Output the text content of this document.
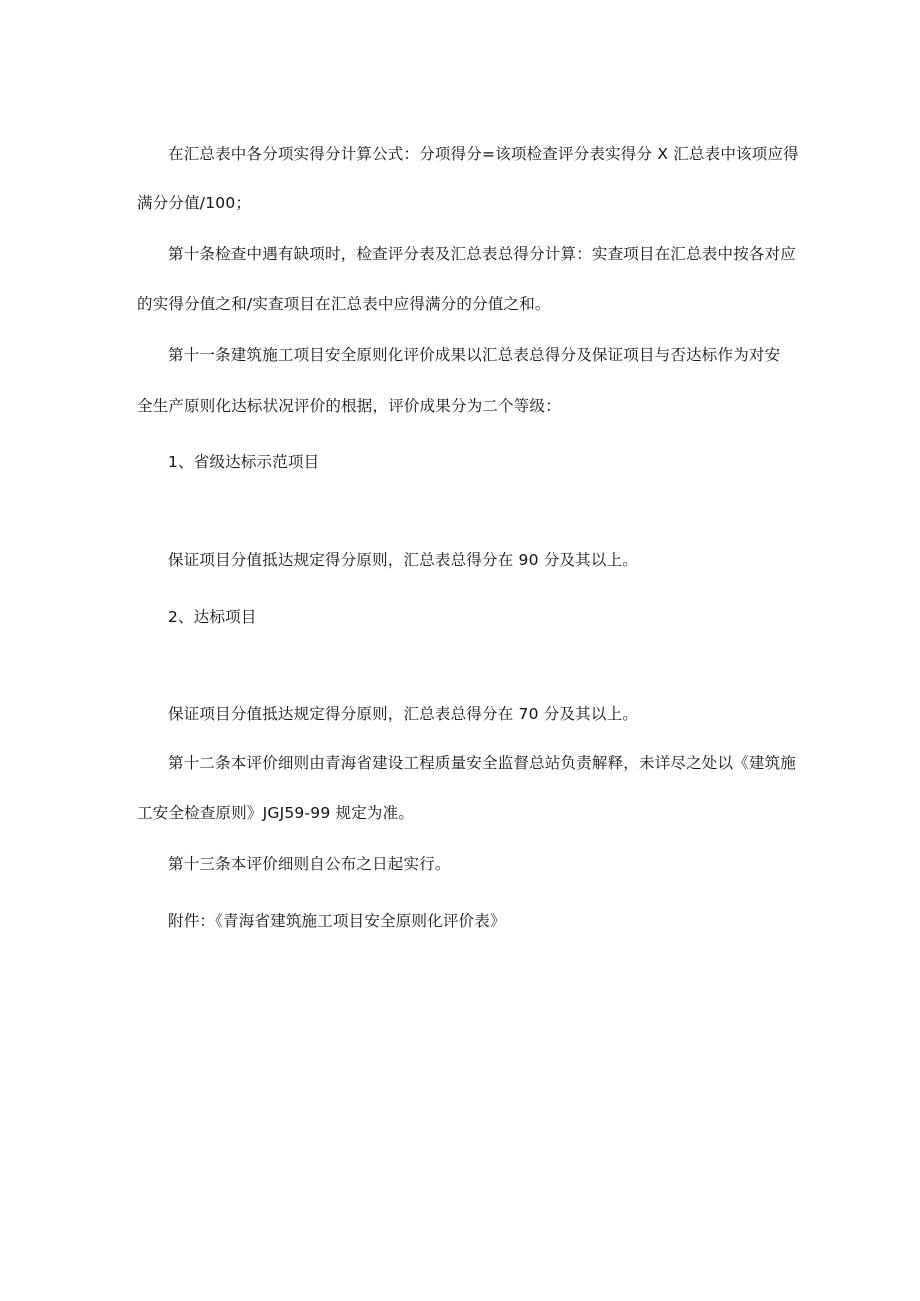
在汇总表中各分项实得分计算公式：分项得分=该项检查评分表实得分 X 汇总表中该项应得
满分分值/100；
第十条检查中遇有缺项时，检查评分表及汇总表总得分计算：实查项目在汇总表中按各对应
的实得分值之和/实查项目在汇总表中应得满分的分值之和。
第十一条建筑施工项目安全原则化评价成果以汇总表总得分及保证项目与否达标作为对安
全生产原则化达标状况评价的根据，评价成果分为二个等级：
1、省级达标示范项目
保证项目分值抵达规定得分原则，汇总表总得分在 90 分及其以上。
2、达标项目
保证项目分值抵达规定得分原则，汇总表总得分在 70 分及其以上。
第十二条本评价细则由青海省建设工程质量安全监督总站负责解释，未详尽之处以《建筑施
工安全检查原则》JGJ59-99 规定为准。
第十三条本评价细则自公布之日起实行。
附件：《青海省建筑施工项目安全原则化评价表》
